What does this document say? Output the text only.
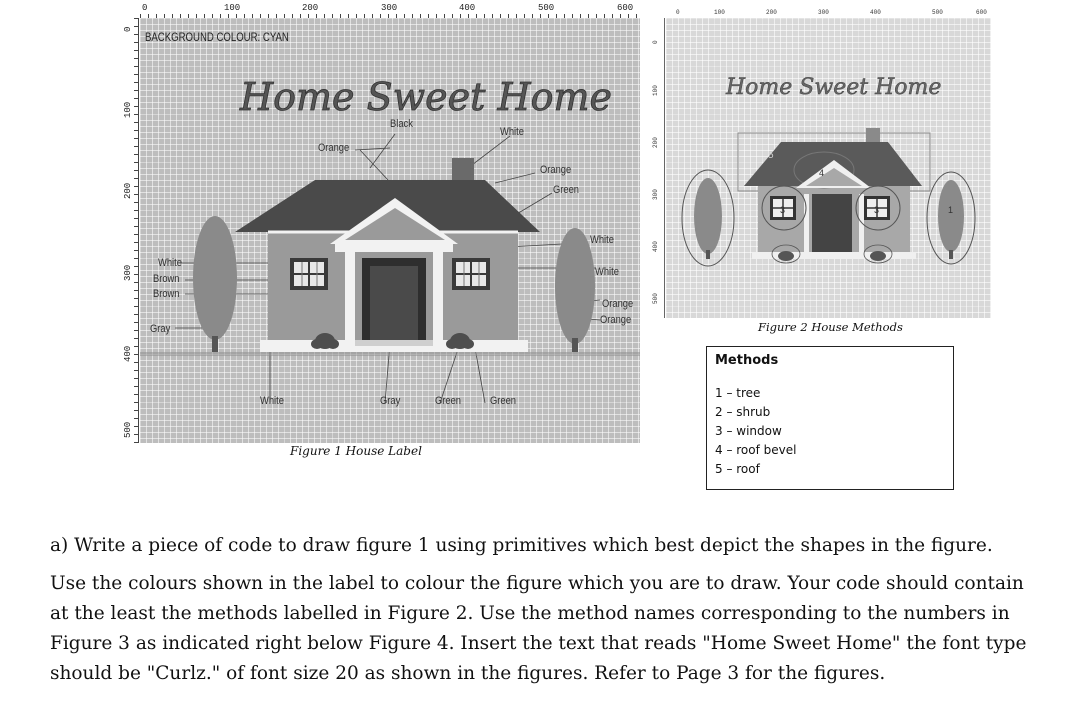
0	100	200	300	400	500	600
0
100
200
300
400
500
BACKGROUND COLOUR: CYAN
Home Sweet Home
Black
White
Orange
Orange
Green
White
White
Orange
Orange
White
Brown
Brown
Gray
White	Gray	Green	Green
Figure 1 House Label
0	100	200	300	400	500	600
0
100
200
300
400
500
Home Sweet Home
5
4
3	3	1
Figure 2 House Methods
Methods
1 – tree
2 – shrub
3 – window
4 – roof bevel
5 – roof
a) Write a piece of code to draw figure 1 using primitives which best depict the shapes in the figure.
Use the colours shown in the label to colour the figure which you are to draw. Your code should contain
at the least the methods labelled in Figure 2. Use the method names corresponding to the numbers in
Figure 3 as indicated right below Figure 4. Insert the text that reads "Home Sweet Home" the font type
should be "Curlz." of font size 20 as shown in the figures. Refer to Page 3 for the figures.
